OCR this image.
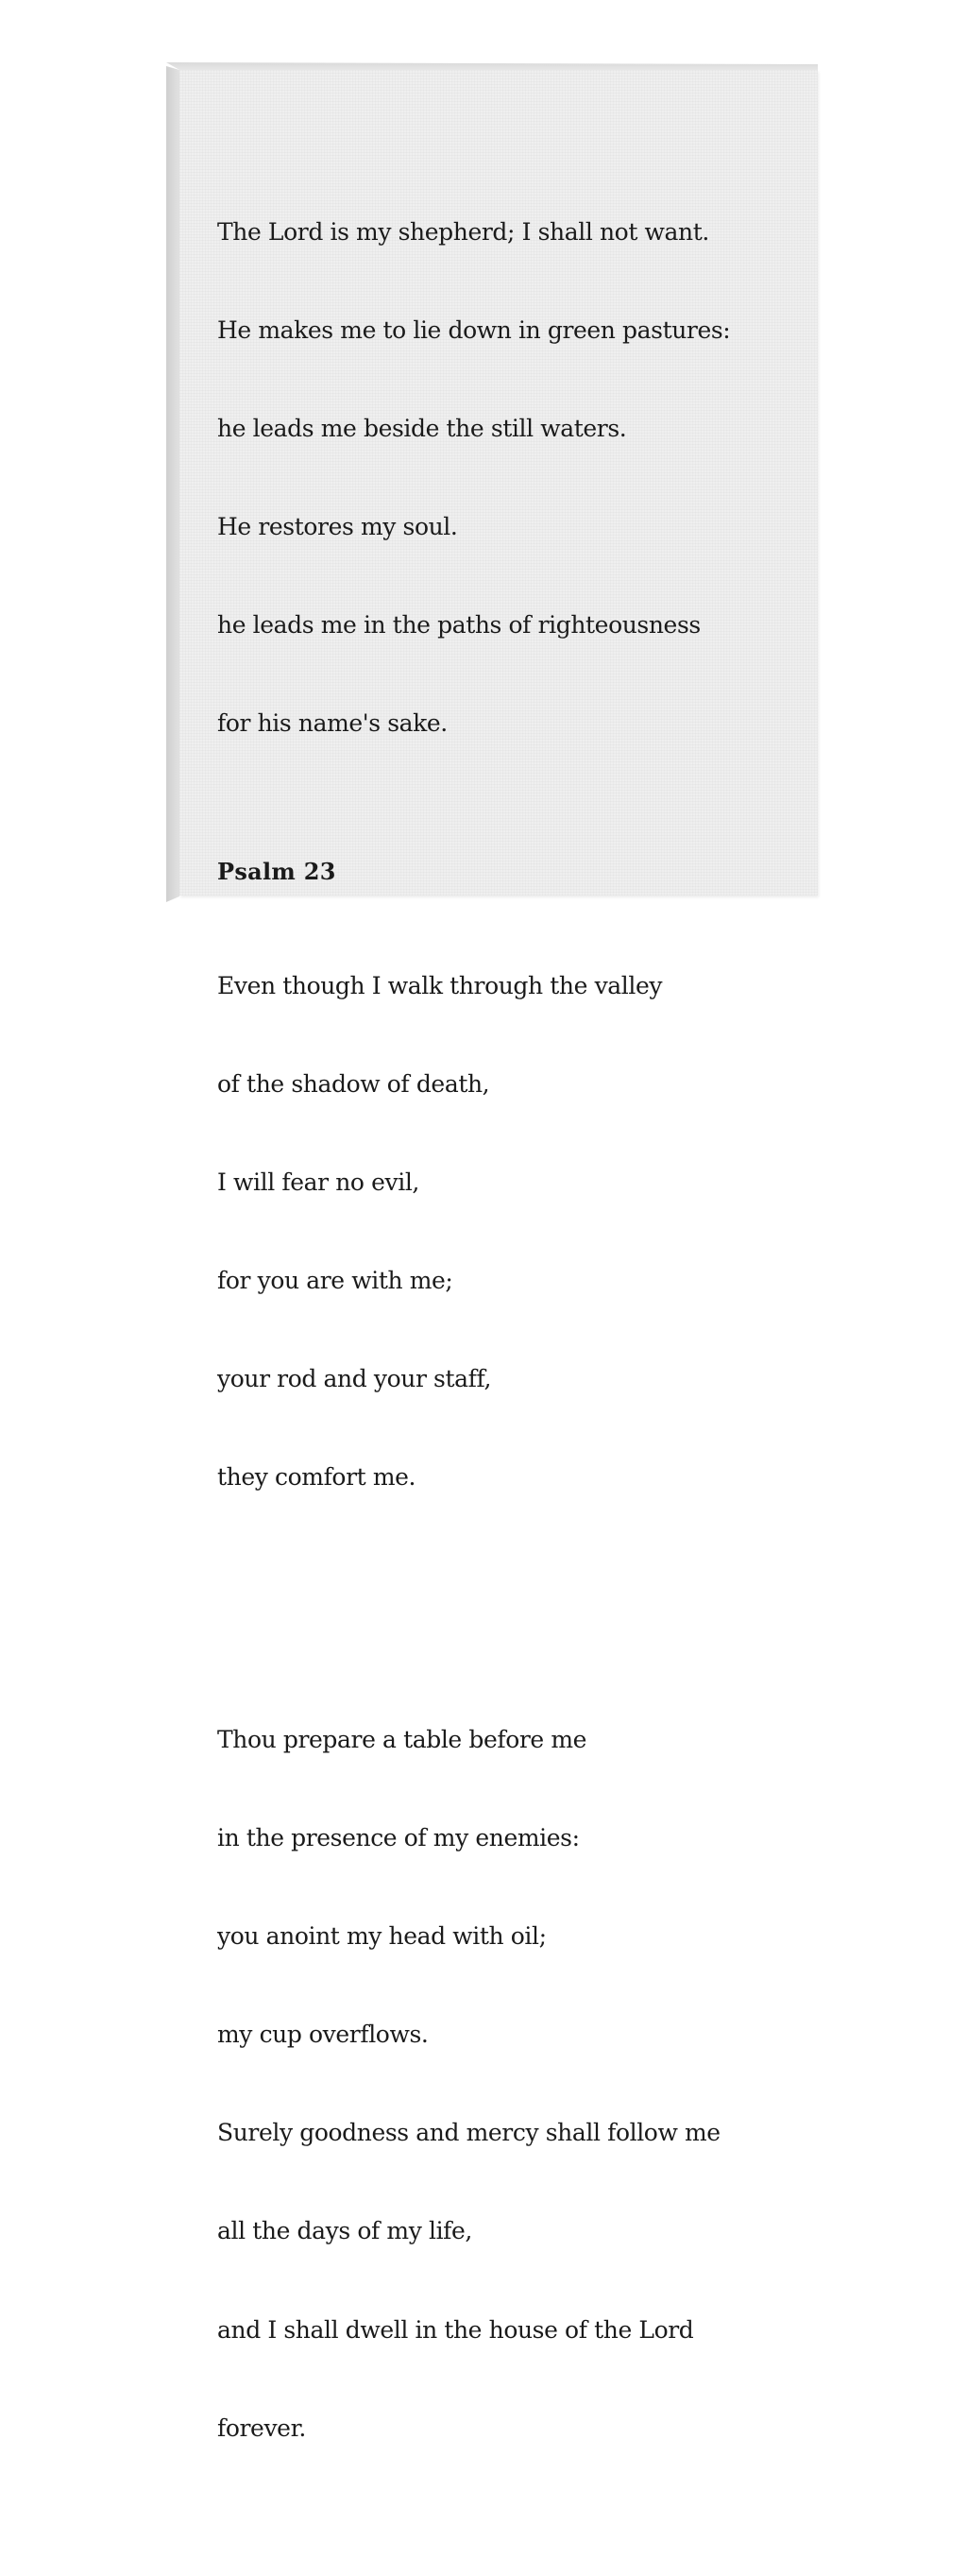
The Lord is my shepherd; I shall not want.

He makes me to lie down in green pastures:

he leads me beside the still waters.

He restores my soul.

he leads me in the paths of righteousness

for his name's sake.

Even though I walk through the valley

of the shadow of death,

I will fear no evil,

for you are with me;

your rod and your staff,

they comfort me.

Thou prepare a table before me

in the presence of my enemies:

you anoint my head with oil;

my cup overflows.

Surely goodness and mercy shall follow me

all the days of my life,

and I shall dwell in the house of the Lord

forever.

Psalm 23
